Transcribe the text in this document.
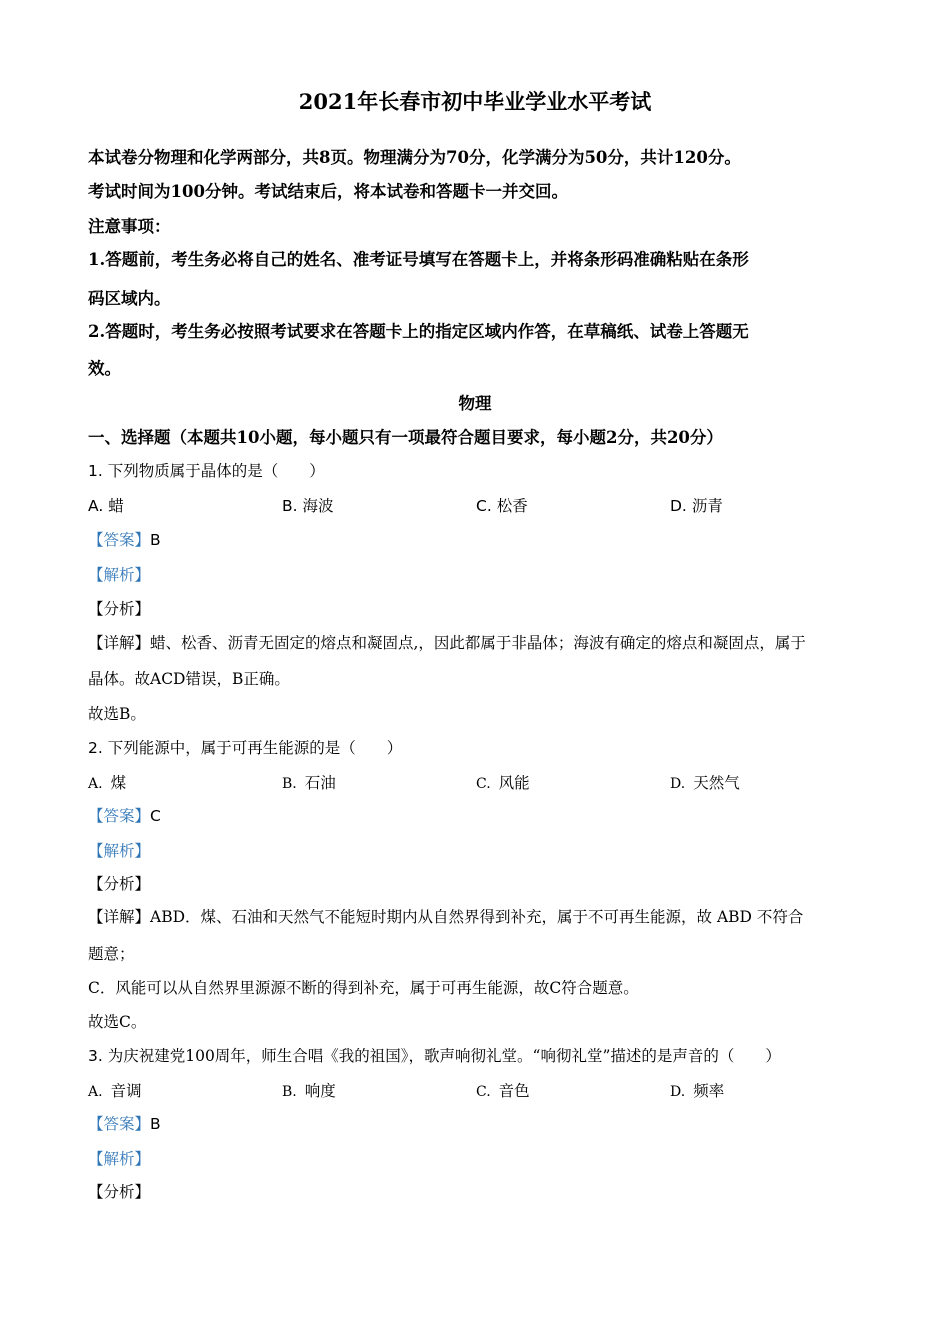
2021年长春市初中毕业学业水平考试
本试卷分物理和化学两部分，共8页。物理满分为70分，化学满分为50分，共计120分。
考试时间为100分钟。考试结束后，将本试卷和答题卡一并交回。
注意事项：
1.答题前，考生务必将自己的姓名、准考证号填写在答题卡上，并将条形码准确粘贴在条形
码区域内。
2.答题时，考生务必按照考试要求在答题卡上的指定区域内作答，在草稿纸、试卷上答题无
效。
物理
一、选择题（本题共10小题，每小题只有一项最符合题目要求，每小题2分，共20分）
1. 下列物质属于晶体的是（　　）
A. 蜡	B. 海波	C. 松香	D. 沥青
【答案】B
【解析】
【分析】
【详解】蜡、松香、沥青无固定的熔点和凝固点,，因此都属于非晶体；海波有确定的熔点和凝固点，属于
晶体。故ACD错误，B正确。
故选B。
2. 下列能源中，属于可再生能源的是（　　）
A. 煤	B. 石油	C. 风能	D. 天然气
【答案】C
【解析】
【分析】
【详解】ABD．煤、石油和天然气不能短时期内从自然界得到补充，属于不可再生能源，故 ABD 不符合
题意；
C．风能可以从自然界里源源不断的得到补充，属于可再生能源，故C符合题意。
故选C。
3. 为庆祝建党100周年，师生合唱《我的祖国》，歌声响彻礼堂。“响彻礼堂”描述的是声音的（　　）
A. 音调	B. 响度	C. 音色	D. 频率
【答案】B
【解析】
【分析】
